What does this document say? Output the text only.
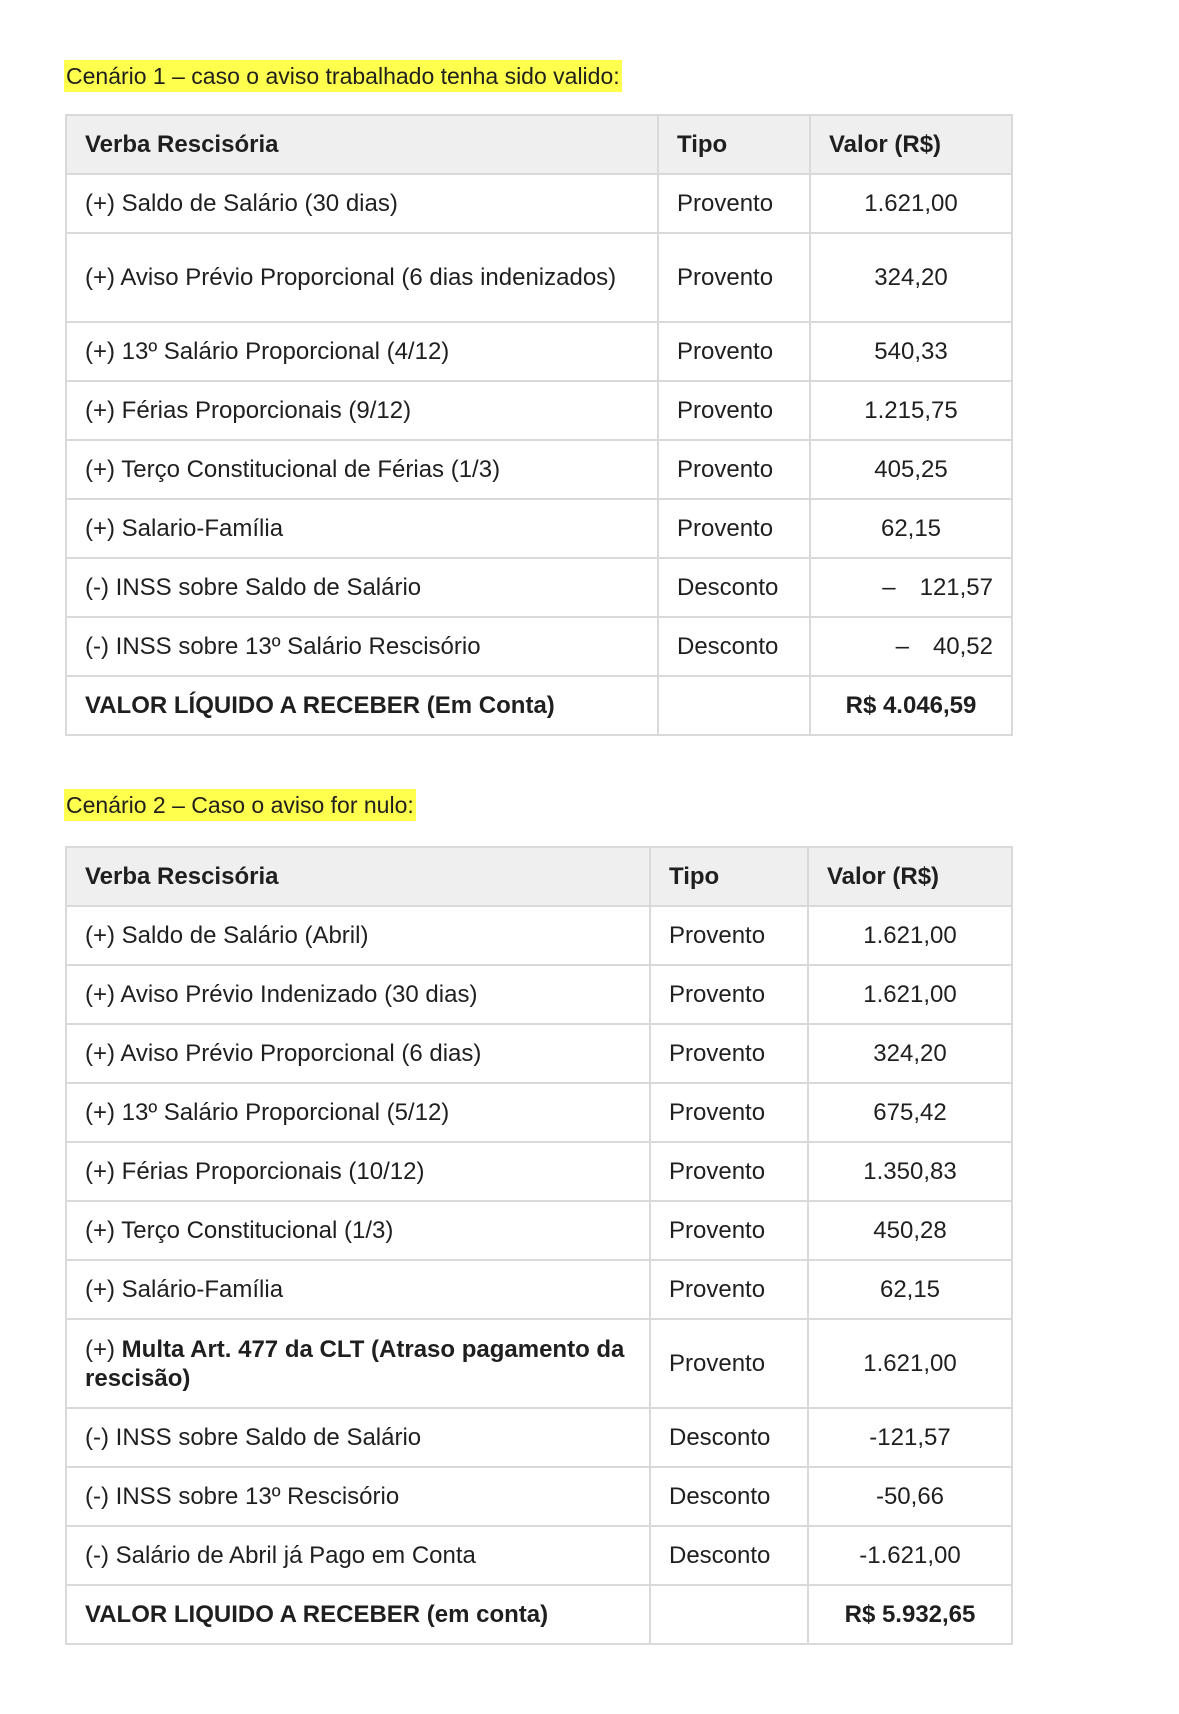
Cenário 1 – caso o aviso trabalhado tenha sido valido:

Verba Rescisória	Tipo	Valor (R$)
(+) Saldo de Salário (30 dias)	Provento	1.621,00
(+) Aviso Prévio Proporcional (6 dias indenizados)	Provento	324,20
(+) 13º Salário Proporcional (4/12)	Provento	540,33
(+) Férias Proporcionais (9/12)	Provento	1.215,75
(+) Terço Constitucional de Férias (1/3)	Provento	405,25
(+) Salario-Família	Provento	62,15
(-) INSS sobre Saldo de Salário	Desconto	– 121,57
(-) INSS sobre 13º Salário Rescisório	Desconto	– 40,52
VALOR LÍQUIDO A RECEBER (Em Conta)		R$ 4.046,59

Cenário 2 – Caso o aviso for nulo:

Verba Rescisória	Tipo	Valor (R$)
(+) Saldo de Salário (Abril)	Provento	1.621,00
(+) Aviso Prévio Indenizado (30 dias)	Provento	1.621,00
(+) Aviso Prévio Proporcional (6 dias)	Provento	324,20
(+) 13º Salário Proporcional (5/12)	Provento	675,42
(+) Férias Proporcionais (10/12)	Provento	1.350,83
(+) Terço Constitucional (1/3)	Provento	450,28
(+) Salário-Família	Provento	62,15
(+) Multa Art. 477 da CLT (Atraso pagamento da rescisão)	Provento	1.621,00
(-) INSS sobre Saldo de Salário	Desconto	-121,57
(-) INSS sobre 13º Rescisório	Desconto	-50,66
(-) Salário de Abril já Pago em Conta	Desconto	-1.621,00
VALOR LIQUIDO A RECEBER (em conta)		R$ 5.932,65
